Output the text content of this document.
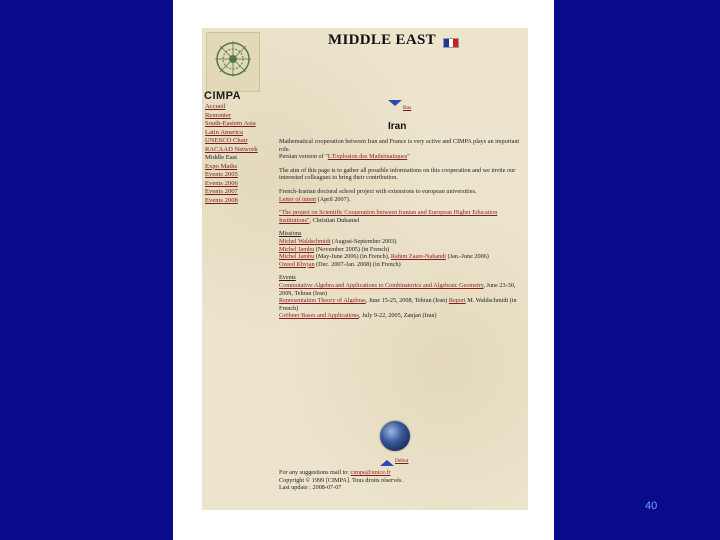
CIMPA
Accueil
Remonter
South-Eastern Asia
Latin America
UNESCO Chair
RACAAD Network
Middle East
Expo Maths
Events 2005
Events 2006
Events 2007
Events 2008
MIDDLE EAST
Bas
Iran

Mathematical cooperation between Iran and France is very active and CIMPA plays an important role.
Persian version of "L'Explosion des Mathématiques"

The aim of this page is to gather all possible informations on this cooperation and we invite our interested colleagues to bring their contribution.

French-Iranian doctoral school project with extensions to european universities.
Letter of intent (April 2007).

"The project on Scientific Cooperation between Iranian and European Higher Education Institutions", Christian Duhamel

Missions
Michel Waldschmidt (August-September 2003)
Michel Jambu (November 2005) (in French)
Michel Jambu (May-June 2006) (in French), Rahim Zaare-Nahandi (Jan.-June 2006)
Ozeed Khvjan (Dec. 2007-Jan. 2008) (in French)

Events
Commutative Algebra and Applications to Combinatorics and Algebraic Geometry, June 23-30, 2009, Tehran (Iran)
Representation Theory of Algebras, June 15-25, 2008, Tehran (Iran) Report M. Waldschmidt (in French)
Gröbner Bases and Applications, July 9-22, 2005, Zanjan (Iran)

Début

For any suggestions mail to: cimpa@unice.fr

Copyright © 1999 [CIMPA]. Tous droits réservés.

Last update : 2008-07-07

40
